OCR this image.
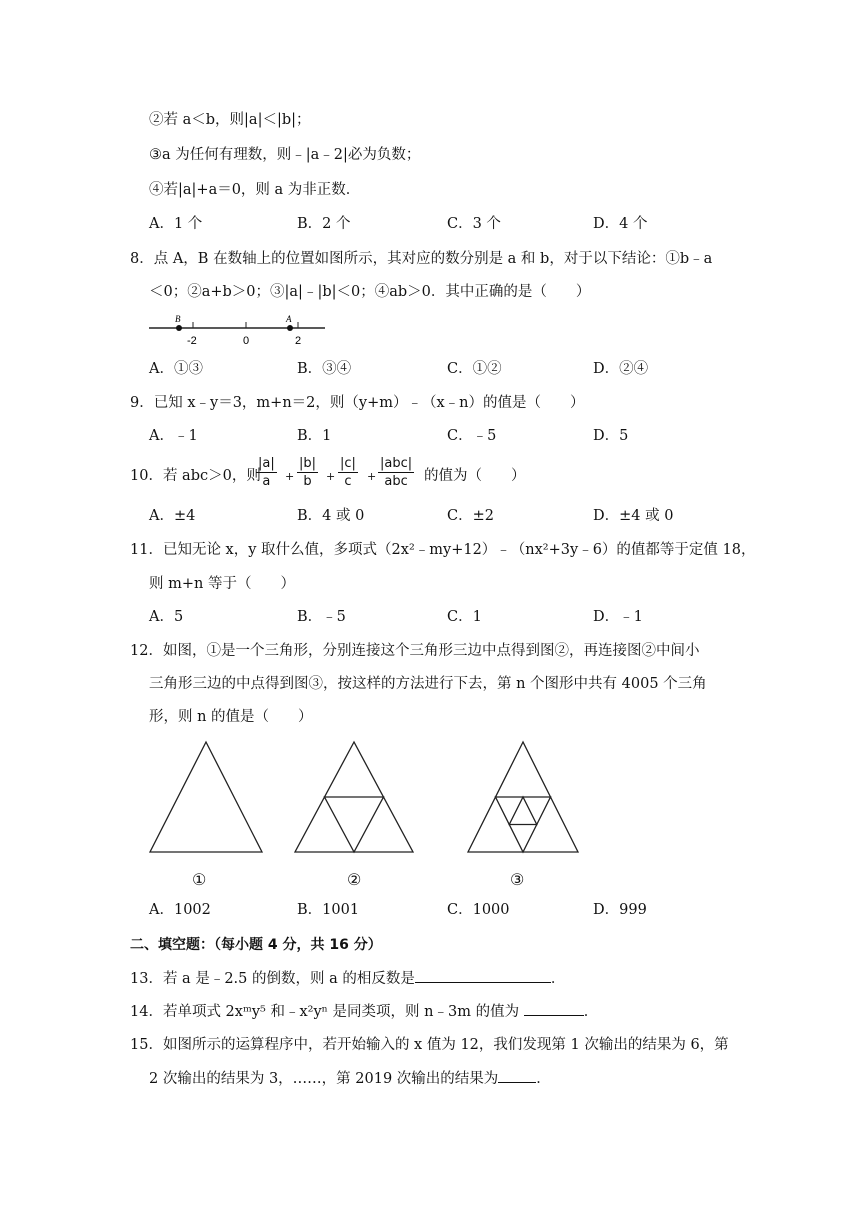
②若 a＜b，则|a|＜|b|；
③a 为任何有理数，则﹣|a﹣2|必为负数；
④若|a|+a＝0，则 a 为非正数．
A．1 个	B．2 个	C．3 个	D．4 个
8．点 A，B 在数轴上的位置如图所示，其对应的数分别是 a 和 b，对于以下结论：①b﹣a
＜0；②a+b＞0；③|a|﹣|b|＜0；④ab＞0．其中正确的是（　　）
B	A
-2	0	2
A．①③	B．③④	C．①②	D．②④
9．已知 x﹣y＝3，m+n＝2，则（y+m）﹣（x﹣n）的值是（　　）
A．﹣1	B．1	C．﹣5	D．5
10．若 abc＞0，则
$\frac{|a|}{a} + \frac{|b|}{b} + \frac{|c|}{c}$ +
|abc|
abc	的值为（　　）
A．±4	B．4 或 0	C．±2	D．±4 或 0
11．已知无论 x，y 取什么值，多项式（2x²﹣my+12）﹣（nx²+3y﹣6）的值都等于定值 18，
则 m+n 等于（　　）
A．5	B．﹣5	C．1	D．﹣1
12．如图，①是一个三角形，分别连接这个三角形三边中点得到图②，再连接图②中间小
三角形三边的中点得到图③，按这样的方法进行下去，第 n 个图形中共有 4005 个三角
形，则 n 的值是（　　）
①	②	③
A．1002	B．1001	C．1000	D．999
二、填空题：（每小题 4 分，共 16 分）
13．若 a 是﹣2.5 的倒数，则 a 的相反数是	．
14．若单项式 2xᵐy⁵ 和﹣x²yⁿ 是同类项，则 n﹣3m 的值为	．
15．如图所示的运算程序中，若开始输入的 x 值为 12，我们发现第 1 次输出的结果为 6，第
2 次输出的结果为 3，……，第 2019 次输出的结果为	．
